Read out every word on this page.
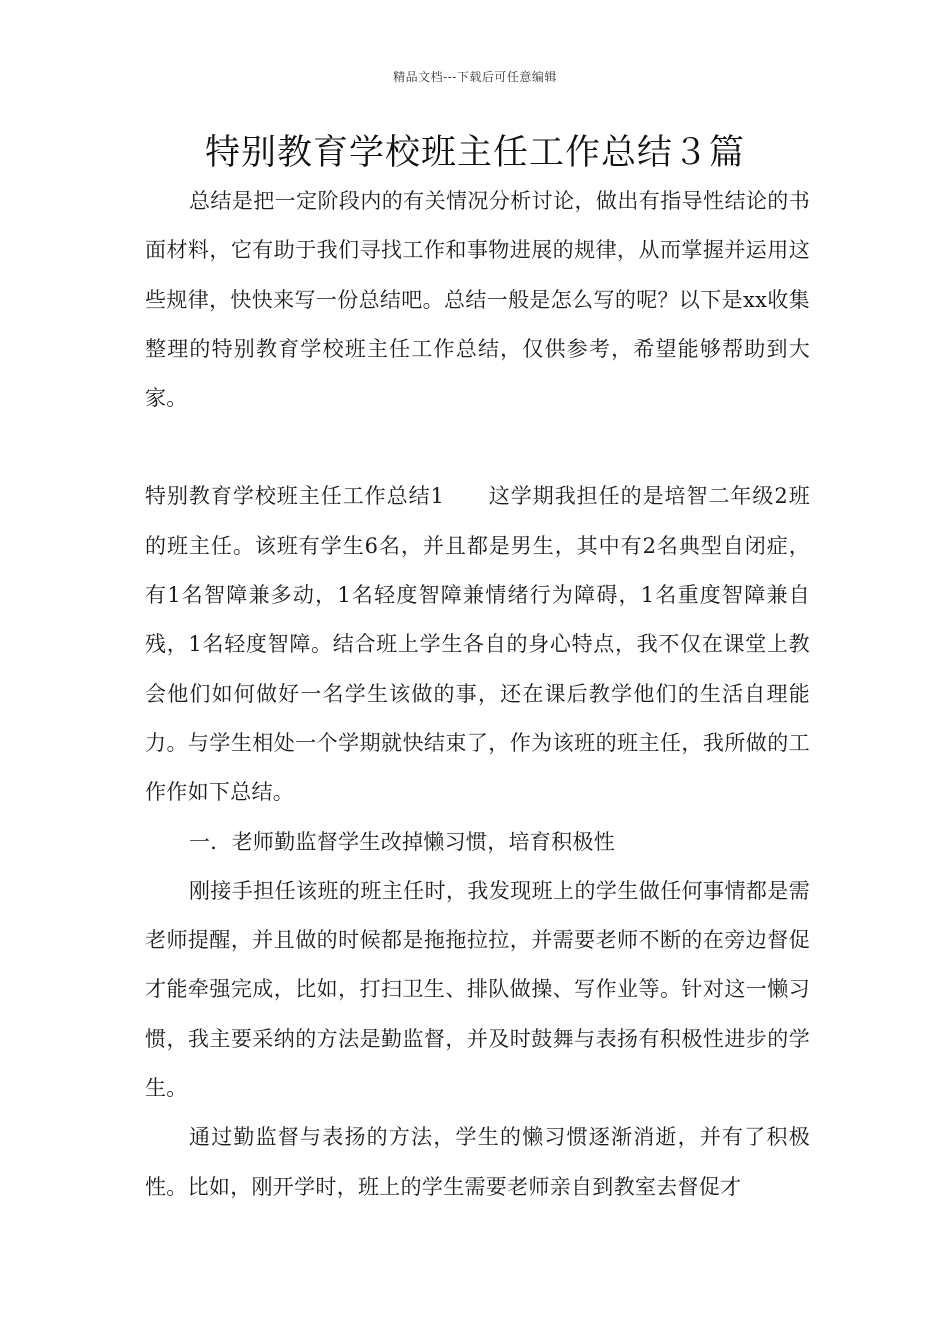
精品文档---下载后可任意编辑
特别教育学校班主任工作总结３篇

总结是把一定阶段内的有关情况分析讨论，做出有指导性结论的书面材料，它有助于我们寻找工作和事物进展的规律，从而掌握并运用这些规律，快快来写一份总结吧。总结一般是怎么写的呢？以下是xx收集整理的特别教育学校班主任工作总结，仅供参考，希望能够帮助到大家。

特别教育学校班主任工作总结1　　这学期我担任的是培智二年级2班的班主任。该班有学生6名，并且都是男生，其中有2名典型自闭症，有1名智障兼多动，1名轻度智障兼情绪行为障碍，1名重度智障兼自残，1名轻度智障。结合班上学生各自的身心特点，我不仅在课堂上教会他们如何做好一名学生该做的事，还在课后教学他们的生活自理能力。与学生相处一个学期就快结束了，作为该班的班主任，我所做的工作作如下总结。

一．老师勤监督学生改掉懒习惯，培育积极性

刚接手担任该班的班主任时，我发现班上的学生做任何事情都是需老师提醒，并且做的时候都是拖拖拉拉，并需要老师不断的在旁边督促才能牵强完成，比如，打扫卫生、排队做操、写作业等。针对这一懒习惯，我主要采纳的方法是勤监督，并及时鼓舞与表扬有积极性进步的学生。

通过勤监督与表扬的方法，学生的懒习惯逐渐消逝，并有了积极性。比如，刚开学时，班上的学生需要老师亲自到教室去督促才
